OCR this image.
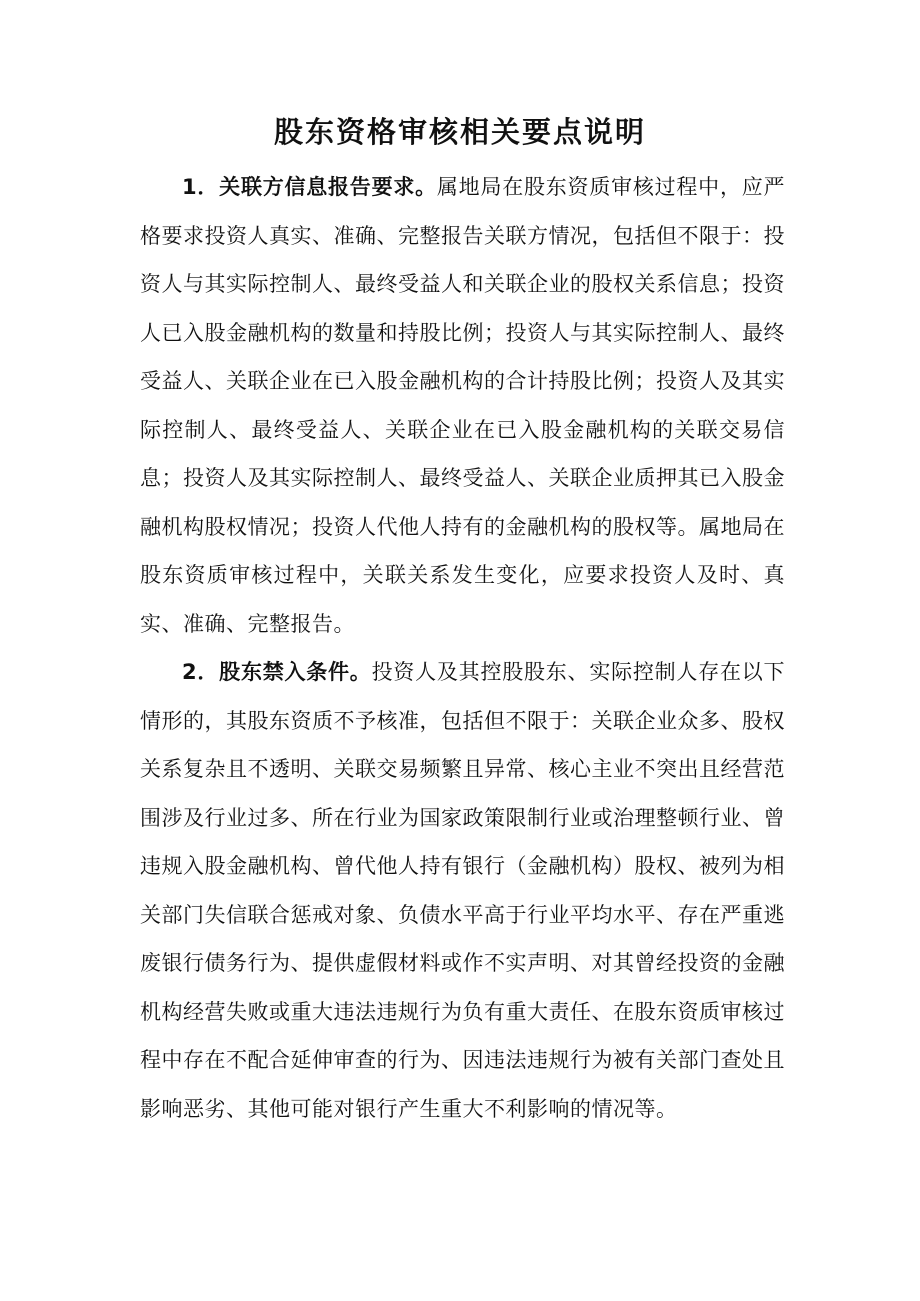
股东资格审核相关要点说明

1．关联方信息报告要求。属地局在股东资质审核过程中，应严格要求投资人真实、准确、完整报告关联方情况，包括但不限于：投资人与其实际控制人、最终受益人和关联企业的股权关系信息；投资人已入股金融机构的数量和持股比例；投资人与其实际控制人、最终受益人、关联企业在已入股金融机构的合计持股比例；投资人及其实际控制人、最终受益人、关联企业在已入股金融机构的关联交易信息；投资人及其实际控制人、最终受益人、关联企业质押其已入股金融机构股权情况；投资人代他人持有的金融机构的股权等。属地局在股东资质审核过程中，关联关系发生变化，应要求投资人及时、真实、准确、完整报告。

2．股东禁入条件。投资人及其控股股东、实际控制人存在以下情形的，其股东资质不予核准，包括但不限于：关联企业众多、股权关系复杂且不透明、关联交易频繁且异常、核心主业不突出且经营范围涉及行业过多、所在行业为国家政策限制行业或治理整顿行业、曾违规入股金融机构、曾代他人持有银行（金融机构）股权、被列为相关部门失信联合惩戒对象、负债水平高于行业平均水平、存在严重逃废银行债务行为、提供虚假材料或作不实声明、对其曾经投资的金融机构经营失败或重大违法违规行为负有重大责任、在股东资质审核过程中存在不配合延伸审查的行为、因违法违规行为被有关部门查处且影响恶劣、其他可能对银行产生重大不利影响的情况等。
